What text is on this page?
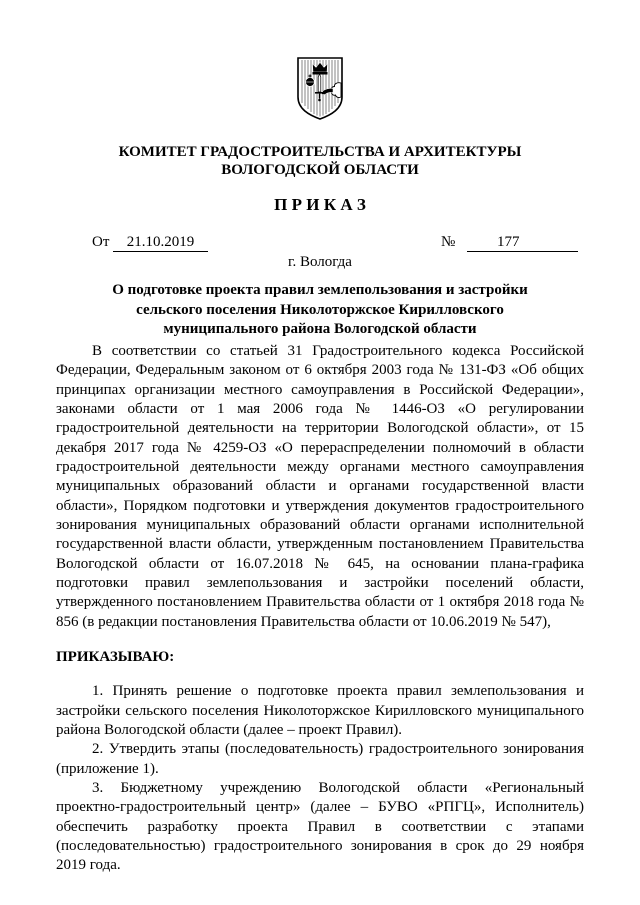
КОМИТЕТ ГРАДОСТРОИТЕЛЬСТВА И АРХИТЕКТУРЫ
ВОЛОГОДСКОЙ ОБЛАСТИ
П Р И К А З
От	21.10.2019	№	177
г. Вологда
О подготовке проекта правил землепользования и застройки
сельского поселения Николоторжское Кирилловского
муниципального района Вологодской области

В соответствии со статьей 31 Градостроительного кодекса Российской Федерации, Федеральным законом от 6 октября 2003 года № 131-ФЗ «Об общих принципах организации местного самоуправления в Российской Федерации», законами области от 1 мая 2006 года № 1446-ОЗ «О регулировании градостроительной деятельности на территории Вологодской области», от 15 декабря 2017 года № 4259-ОЗ «О перераспределении полномочий в области градостроительной деятельности между органами местного самоуправления муниципальных образований области и органами государственной власти области», Порядком подготовки и утверждения документов градостроительного зонирования муниципальных образований области органами исполнительной государственной власти области, утвержденным постановлением Правительства Вологодской области от 16.07.2018 № 645, на основании плана-графика подготовки правил землепользования и застройки поселений области, утвержденного постановлением Правительства области от 1 октября 2018 года № 856 (в редакции постановления Правительства области от 10.06.2019 № 547),

ПРИКАЗЫВАЮ:

1. Принять решение о подготовке проекта правил землепользования и застройки сельского поселения Николоторжское Кирилловского муниципального района Вологодской области (далее – проект Правил).

2. Утвердить этапы (последовательность) градостроительного зонирования (приложение 1).

3. Бюджетному учреждению Вологодской области «Региональный проектно-градостроительный центр» (далее – БУВО «РПГЦ», Исполнитель) обеспечить разработку проекта Правил в соответствии с этапами (последовательностью) градостроительного зонирования в срок до 29 ноября 2019 года.
